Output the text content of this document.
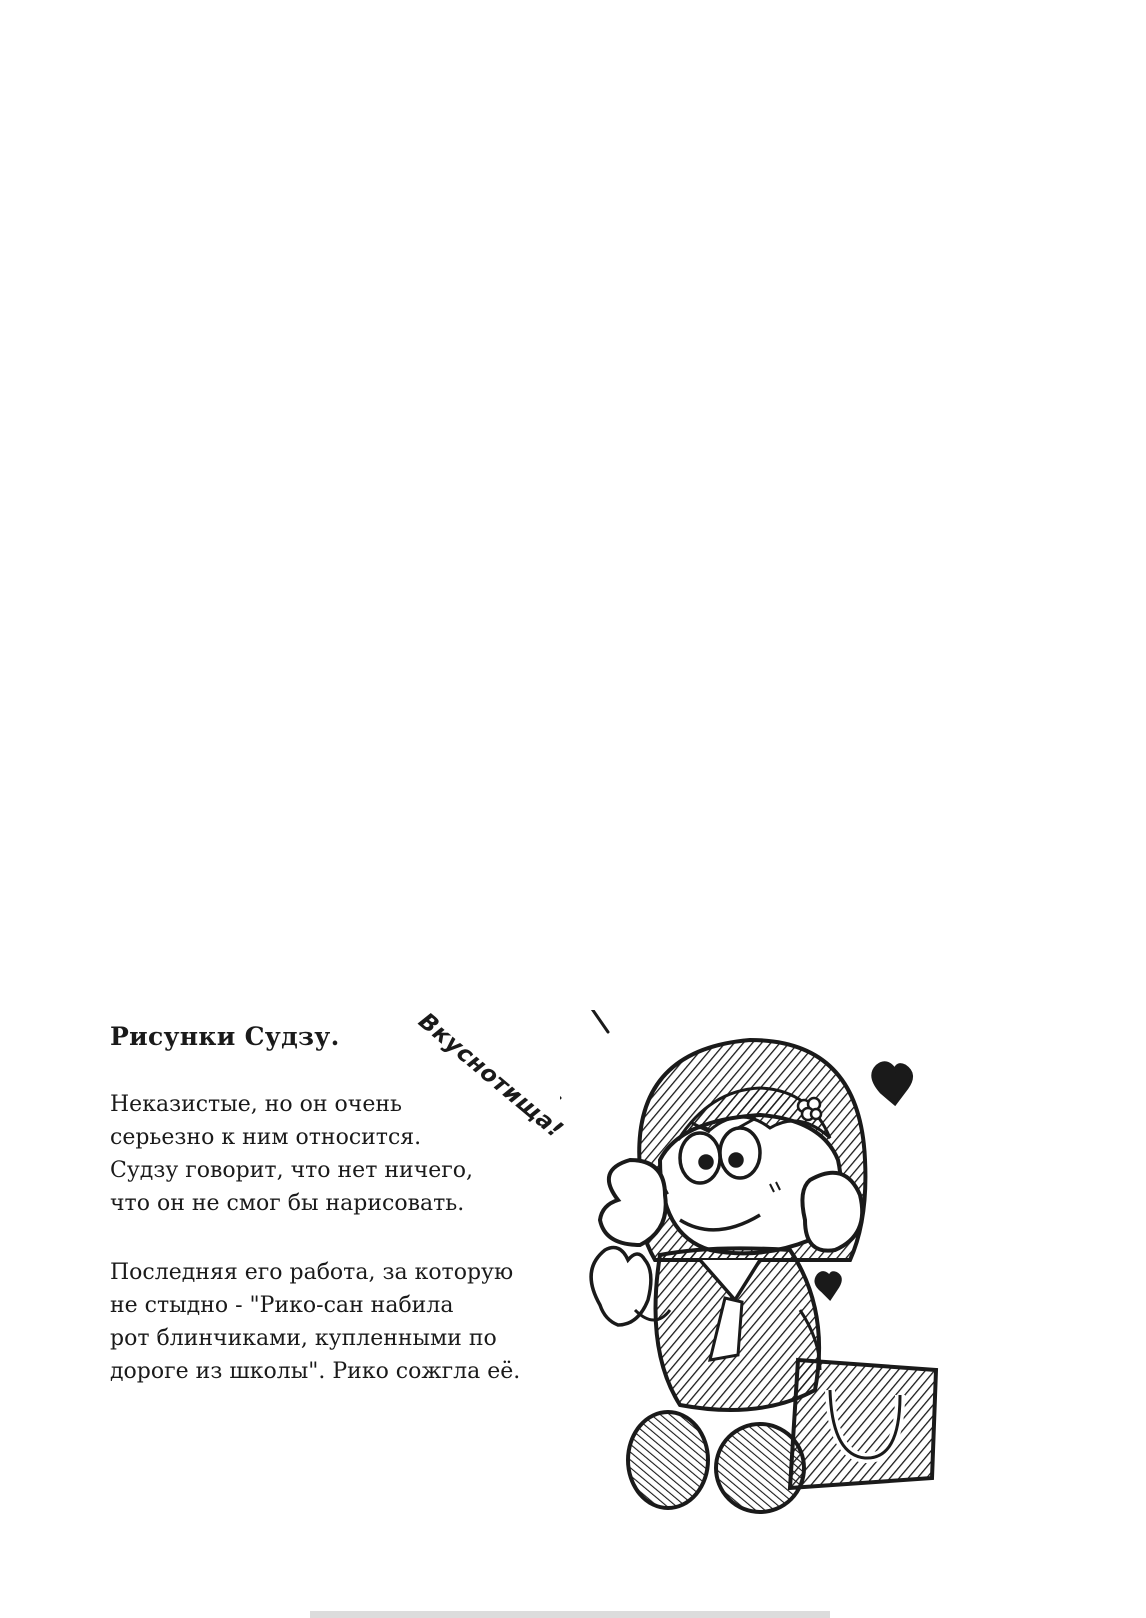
Рисунки Судзу.

Неказистые, но он очень
серьезно к ним относится.
Судзу говорит, что нет ничего,
что он не смог бы нарисовать.

Последняя его работа, за которую
не стыдно - "Рико-сан набила
рот блинчиками, купленными по
дороге из школы". Рико сожгла её.

Вкуснотища!
